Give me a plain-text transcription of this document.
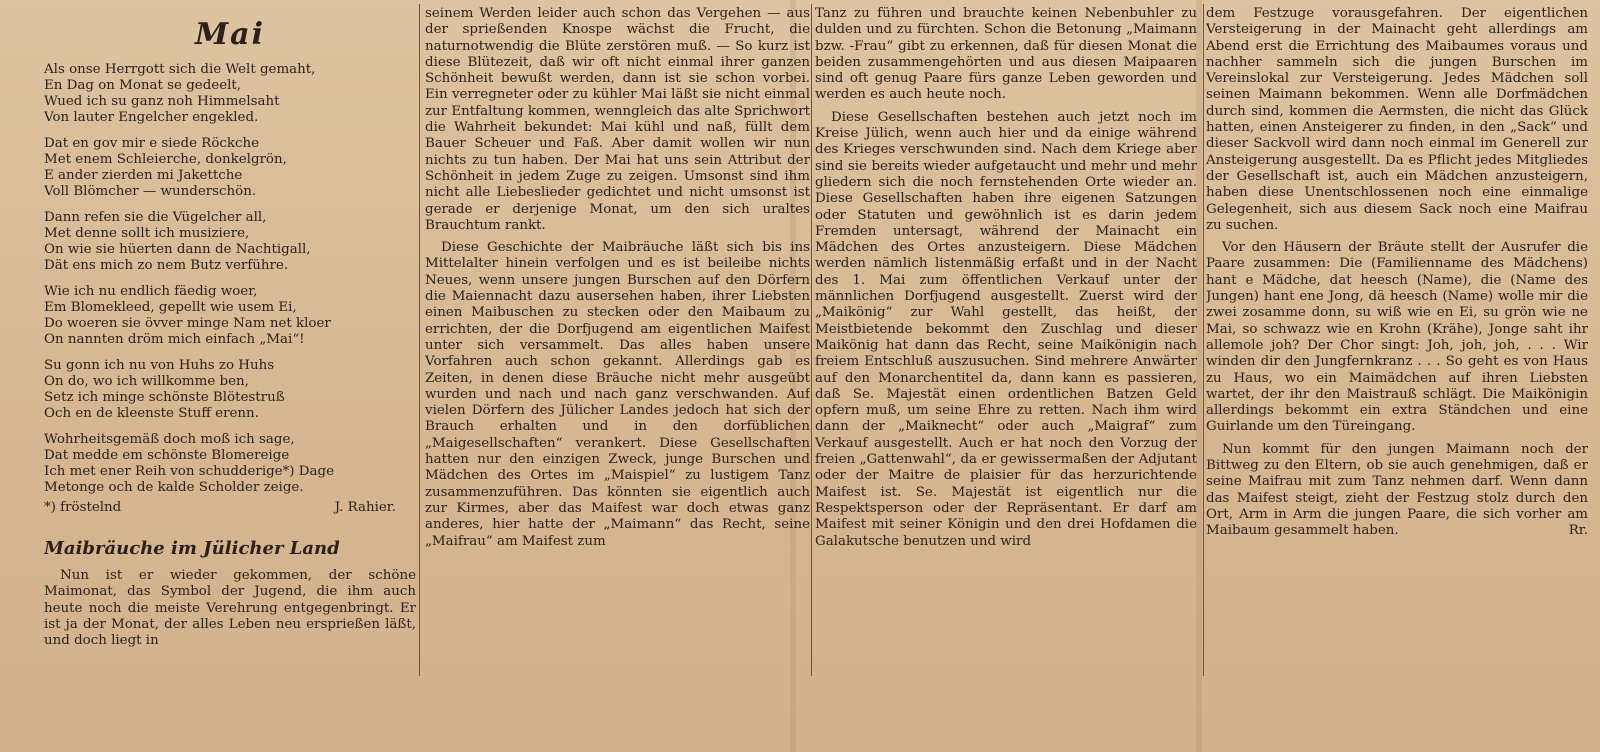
Mai
Als onse Herrgott sich die Welt gemaht,
En Dag on Monat se gedeelt,
Wued ich su ganz noh Himmelsaht
Von lauter Engelcher engekled.
Dat en gov mir e siede Röckche
Met enem Schleierche, donkelgrön,
E ander zierden mi Jakettche
Voll Blömcher — wunderschön.
Dann refen sie die Vügelcher all,
Met denne sollt ich musiziere,
On wie sie hüerten dann de Nachtigall,
Dät ens mich zo nem Butz verführe.
Wie ich nu endlich fäedig woer,
Em Blomekleed, gepellt wie usem Ei,
Do woeren sie övver minge Nam net kloer
On nannten dröm mich einfach „Mai“!
Su gonn ich nu von Huhs zo Huhs
On do, wo ich willkomme ben,
Setz ich minge schönste Blötestruß
Och en de kleenste Stuff erenn.
Wohrheitsgemäß doch moß ich sage,
Dat medde em schönste Blomereige
Ich met ener Reih von schudderige*) Dage
Metonge och de kalde Scholder zeige.
*) fröstelnd	J. Rahier.
Maibräuche im Jülicher Land

Nun ist er wieder gekommen, der schöne Maimonat, das Symbol der Jugend, die ihm auch heute noch die meiste Verehrung entgegenbringt. Er ist ja der Monat, der alles Leben neu ersprießen läßt, und doch liegt in

seinem Werden leider auch schon das Vergehen — aus der sprießenden Knospe wächst die Frucht, die naturnotwendig die Blüte zerstören muß. — So kurz ist diese Blütezeit, daß wir oft nicht einmal ihrer ganzen Schönheit bewußt werden, dann ist sie schon vorbei. Ein verregneter oder zu kühler Mai läßt sie nicht einmal zur Entfaltung kommen, wenngleich das alte Sprichwort die Wahrheit bekundet: Mai kühl und naß, füllt dem Bauer Scheuer und Faß. Aber damit wollen wir nun nichts zu tun haben. Der Mai hat uns sein Attribut der Schönheit in jedem Zuge zu zeigen. Umsonst sind ihm nicht alle Liebeslieder gedichtet und nicht umsonst ist gerade er derjenige Monat, um den sich uraltes Brauchtum rankt.

Diese Geschichte der Maibräuche läßt sich bis ins Mittelalter hinein verfolgen und es ist beileibe nichts Neues, wenn unsere jungen Burschen auf den Dörfern die Maiennacht dazu ausersehen haben, ihrer Liebsten einen Maibuschen zu stecken oder den Maibaum zu errichten, der die Dorfjugend am eigentlichen Maifest unter sich versammelt. Das alles haben unsere Vorfahren auch schon gekannt. Allerdings gab es Zeiten, in denen diese Bräuche nicht mehr ausgeübt wurden und nach und nach ganz verschwanden. Auf vielen Dörfern des Jülicher Landes jedoch hat sich der Brauch erhalten und in den dorfüblichen „Maigesellschaften“ verankert. Diese Gesellschaften hatten nur den einzigen Zweck, junge Burschen und Mädchen des Ortes im „Maispiel“ zu lustigem Tanz zusammenzuführen. Das könnten sie eigentlich auch zur Kirmes, aber das Maifest war doch etwas ganz anderes, hier hatte der „Maimann“ das Recht, seine „Maifrau“ am Maifest zum

Tanz zu führen und brauchte keinen Nebenbuhler zu dulden und zu fürchten. Schon die Betonung „Maimann bzw. -Frau“ gibt zu erkennen, daß für diesen Monat die beiden zusammengehörten und aus diesen Maipaaren sind oft genug Paare fürs ganze Leben geworden und werden es auch heute noch.

Diese Gesellschaften bestehen auch jetzt noch im Kreise Jülich, wenn auch hier und da einige während des Krieges verschwunden sind. Nach dem Kriege aber sind sie bereits wieder aufgetaucht und mehr und mehr gliedern sich die noch fernstehenden Orte wieder an. Diese Gesellschaften haben ihre eigenen Satzungen oder Statuten und gewöhnlich ist es darin jedem Fremden untersagt, während der Mainacht ein Mädchen des Ortes anzusteigern. Diese Mädchen werden nämlich listenmäßig erfaßt und in der Nacht des 1. Mai zum öffentlichen Verkauf unter der männlichen Dorfjugend ausgestellt. Zuerst wird der „Maikönig“ zur Wahl gestellt, das heißt, der Meistbietende bekommt den Zuschlag und dieser Maikönig hat dann das Recht, seine Maikönigin nach freiem Entschluß auszusuchen. Sind mehrere Anwärter auf den Monarchentitel da, dann kann es passieren, daß Se. Majestät einen ordentlichen Batzen Geld opfern muß, um seine Ehre zu retten. Nach ihm wird dann der „Maiknecht“ oder auch „Maigraf“ zum Verkauf ausgestellt. Auch er hat noch den Vorzug der freien „Gattenwahl“, da er gewissermaßen der Adjutant oder der Maitre de plaisier für das herzurichtende Maifest ist. Se. Majestät ist eigentlich nur die Respektsperson oder der Repräsentant. Er darf am Maifest mit seiner Königin und den drei Hofdamen die Galakutsche benutzen und wird

dem Festzuge vorausgefahren. Der eigentlichen Versteigerung in der Mainacht geht allerdings am Abend erst die Errichtung des Maibaumes voraus und nachher sammeln sich die jungen Burschen im Vereinslokal zur Versteigerung. Jedes Mädchen soll seinen Maimann bekommen. Wenn alle Dorfmädchen durch sind, kommen die Aermsten, die nicht das Glück hatten, einen Ansteigerer zu finden, in den „Sack“ und dieser Sackvoll wird dann noch einmal im Generell zur Ansteigerung ausgestellt. Da es Pflicht jedes Mitgliedes der Gesellschaft ist, auch ein Mädchen anzusteigern, haben diese Unentschlossenen noch eine einmalige Gelegenheit, sich aus diesem Sack noch eine Maifrau zu suchen.

Vor den Häusern der Bräute stellt der Ausrufer die Paare zusammen: Die (Familienname des Mädchens) hant e Mädche, dat heesch (Name), die (Name des Jungen) hant ene Jong, dä heesch (Name) wolle mir die zwei zosamme donn, su wiß wie en Ei, su grön wie ne Mai, so schwazz wie en Krohn (Krähe), Jonge saht ihr allemole joh? Der Chor singt: Joh, joh, joh, . . . Wir winden dir den Jungfernkranz . . . So geht es von Haus zu Haus, wo ein Maimädchen auf ihren Liebsten wartet, der ihr den Maistrauß schlägt. Die Maikönigin allerdings bekommt ein extra Ständchen und eine Guirlande um den Türeingang.

Nun kommt für den jungen Maimann noch der Bittweg zu den Eltern, ob sie auch genehmigen, daß er seine Maifrau mit zum Tanz nehmen darf. Wenn dann das Maifest steigt, zieht der Festzug stolz durch den Ort, Arm in Arm die jungen Paare, die sich vorher am Maibaum gesammelt haben.	Rr.
